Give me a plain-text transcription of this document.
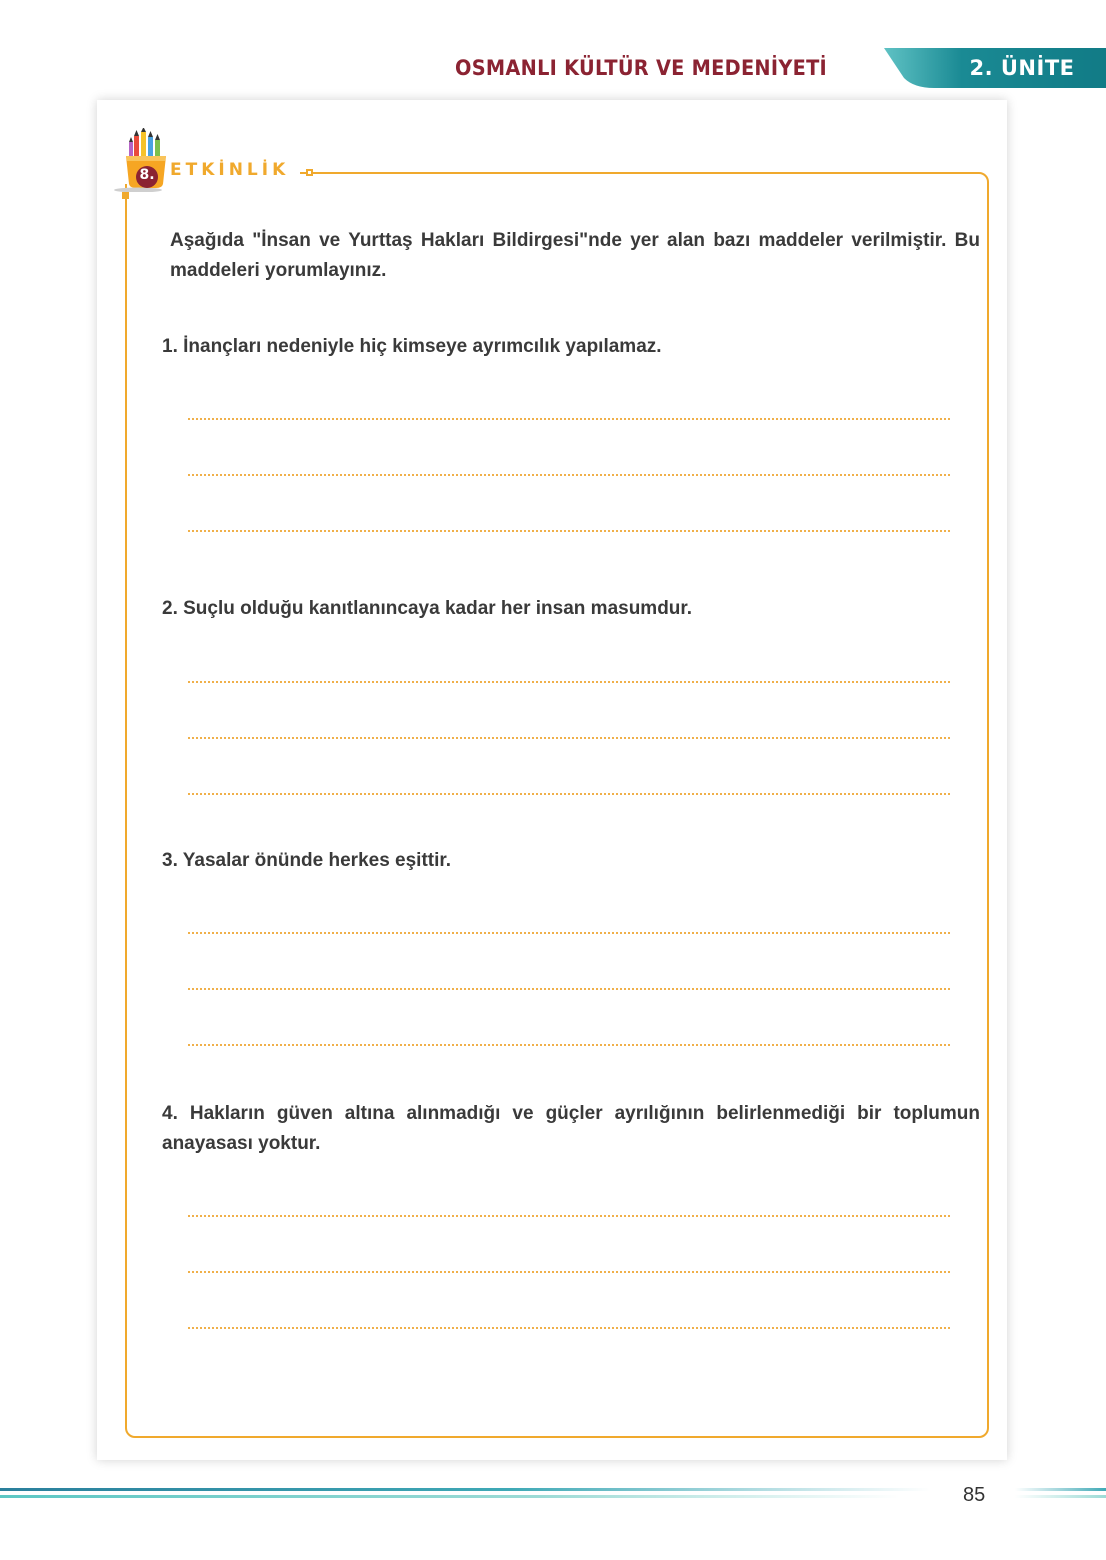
OSMANLI KÜLTÜR VE MEDENİYETİ	2. ÜNİTE
8. ETKİNLİK
Aşağıda "İnsan ve Yurttaş Hakları Bildirgesi"nde yer alan bazı maddeler verilmiştir. Bu maddeleri yorumlayınız.
1. İnançları nedeniyle hiç kimseye ayrımcılık yapılamaz.
2. Suçlu olduğu kanıtlanıncaya kadar her insan masumdur.
3. Yasalar önünde herkes eşittir.
4. Hakların güven altına alınmadığı ve güçler ayrılığının belirlenmediği bir toplumun anayasası yoktur.
85
